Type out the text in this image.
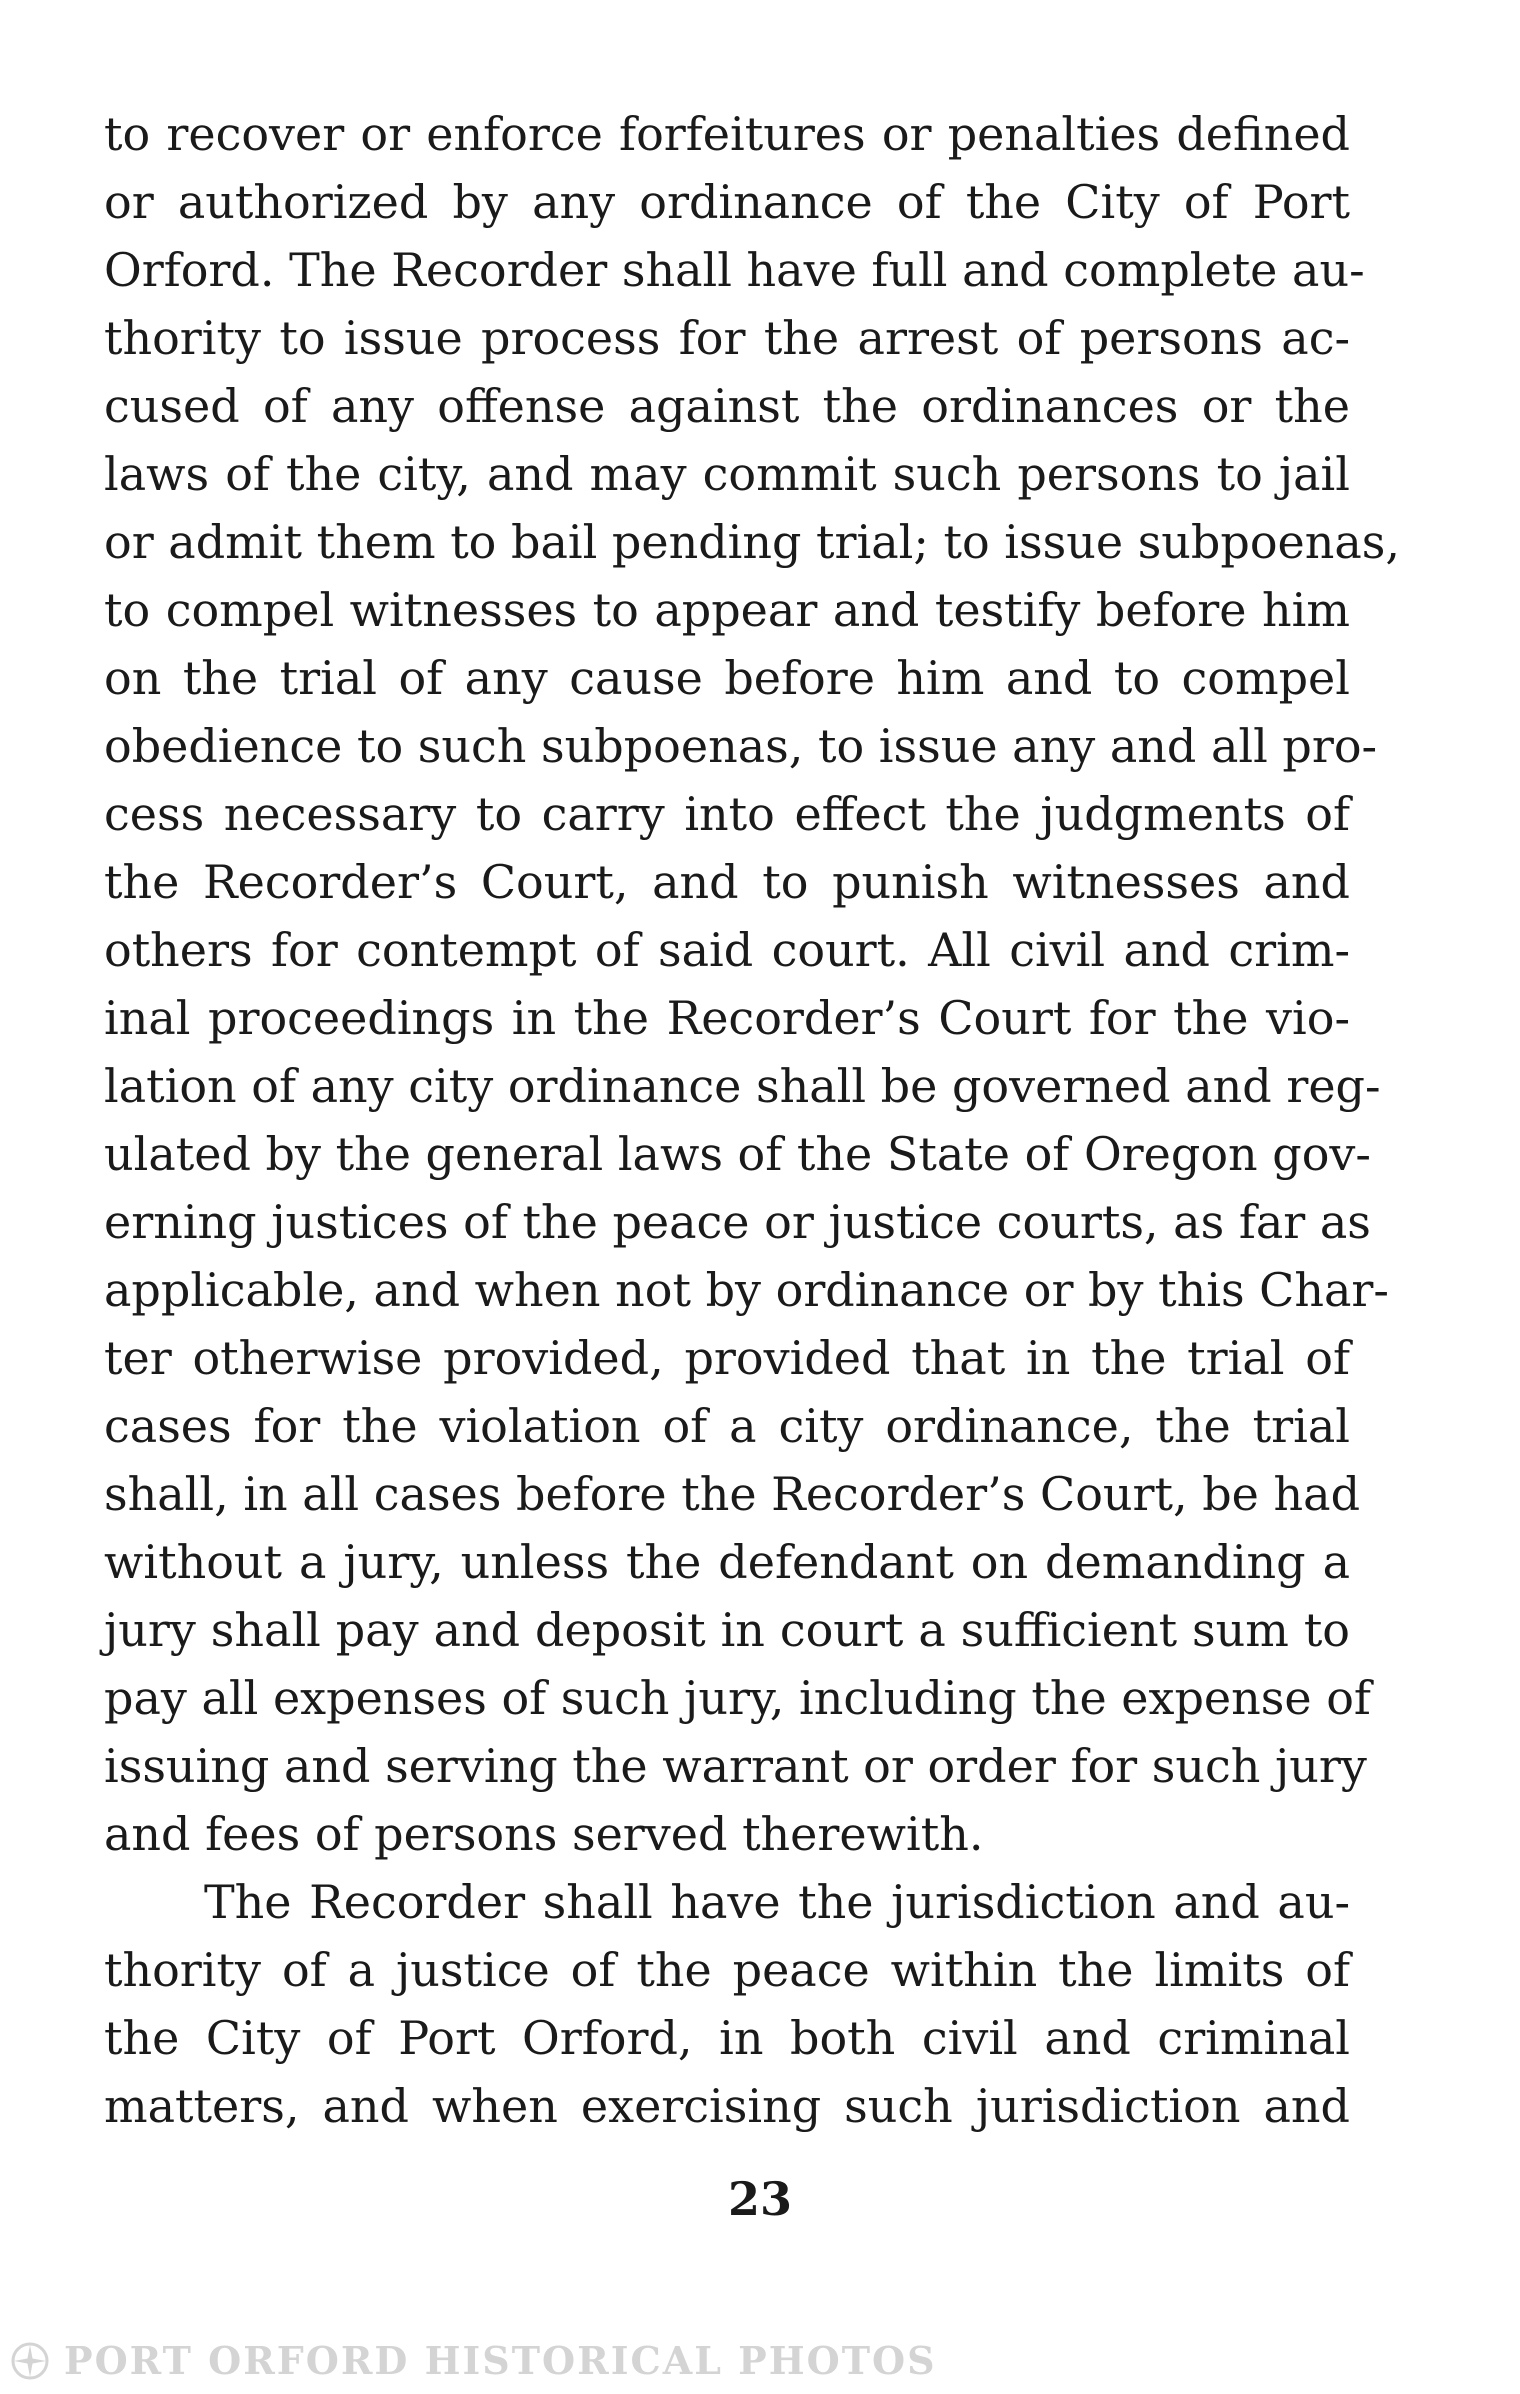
to recover or enforce forfeitures or penalties defined
or authorized by any ordinance of the City of Port
Orford. The Recorder shall have full and complete au-
thority to issue process for the arrest of persons ac-
cused of any offense against the ordinances or the
laws of the city, and may commit such persons to jail
or admit them to bail pending trial; to issue subpoenas,
to compel witnesses to appear and testify before him
on the trial of any cause before him and to compel
obedience to such subpoenas, to issue any and all pro-
cess necessary to carry into effect the judgments of
the Recorder’s Court, and to punish witnesses and
others for contempt of said court. All civil and crim-
inal proceedings in the Recorder’s Court for the vio-
lation of any city ordinance shall be governed and reg-
ulated by the general laws of the State of Oregon gov-
erning justices of the peace or justice courts, as far as
applicable, and when not by ordinance or by this Char-
ter otherwise provided, provided that in the trial of
cases for the violation of a city ordinance, the trial
shall, in all cases before the Recorder’s Court, be had
without a jury, unless the defendant on demanding a
jury shall pay and deposit in court a sufficient sum to
pay all expenses of such jury, including the expense of
issuing and serving the warrant or order for such jury
and fees of persons served therewith.
The Recorder shall have the jurisdiction and au-
thority of a justice of the peace within the limits of
the City of Port Orford, in both civil and criminal
matters, and when exercising such jurisdiction and
23
PORT ORFORD HISTORICAL PHOTOS
